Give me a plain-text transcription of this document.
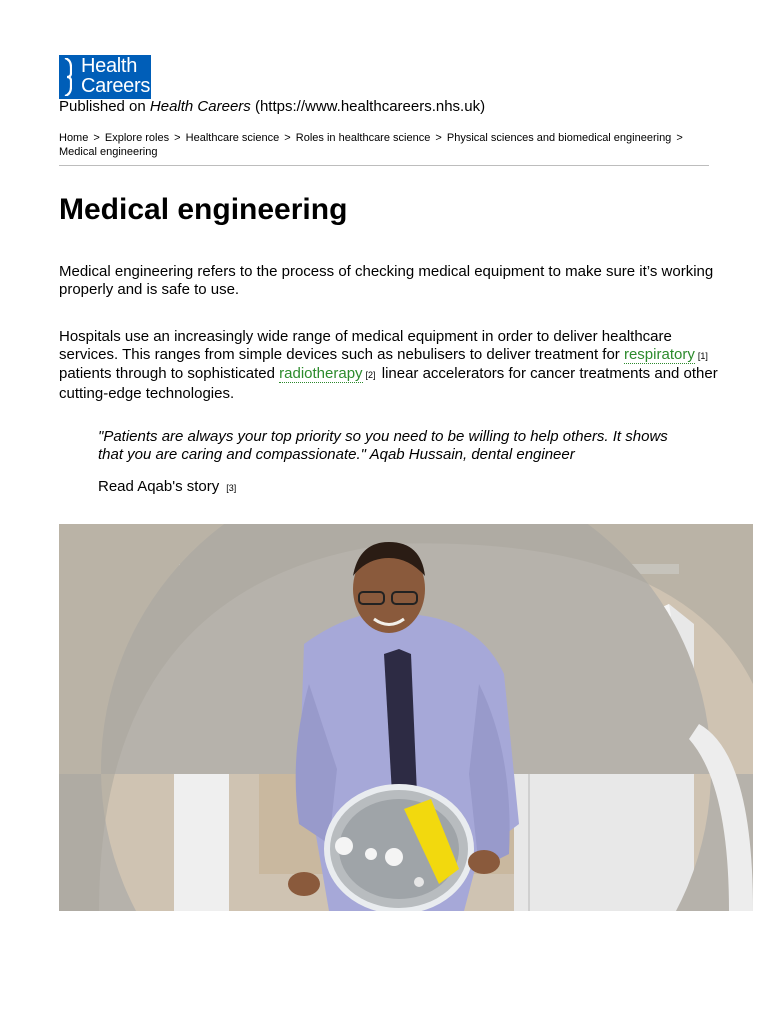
Health
Careers
Published on Health Careers (https://www.healthcareers.nhs.uk)
Home > Explore roles > Healthcare science > Roles in healthcare science > Physical sciences and biomedical engineering >
Medical engineering
Medical engineering

Medical engineering refers to the process of checking medical equipment to make sure it’s working properly and is safe to use.

Hospitals use an increasingly wide range of medical equipment in order to deliver healthcare services. This ranges from simple devices such as nebulisers to deliver treatment for respiratory [1] patients through to sophisticated radiotherapy [2] linear accelerators for cancer treatments and other cutting-edge technologies.

"Patients are always your top priority so you need to be willing to help others. It shows that you are caring and compassionate." Aqab Hussain, dental engineer

Read Aqab's story [3]
